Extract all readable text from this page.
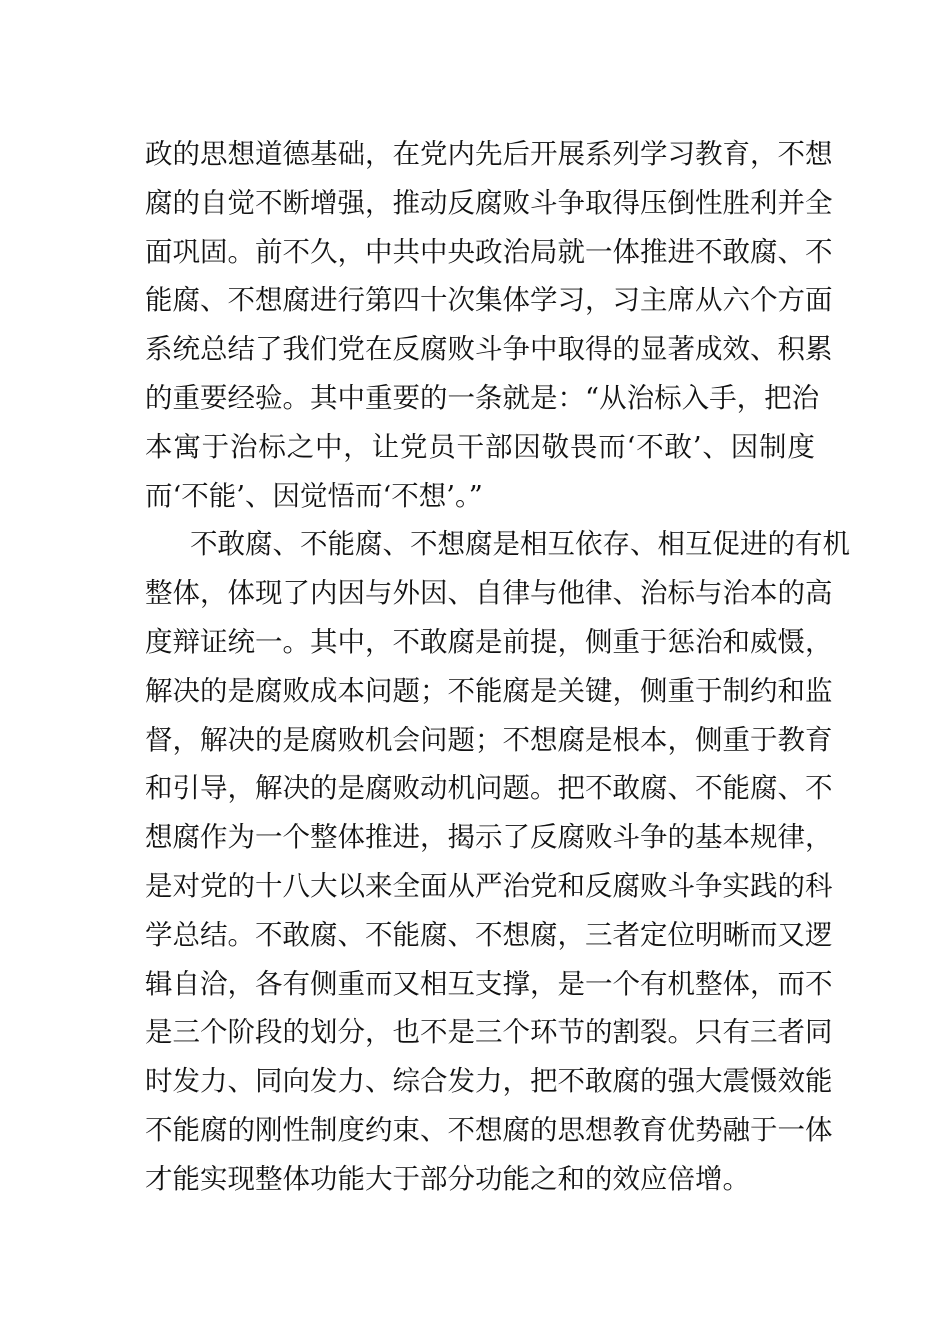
政 的 思 想 道 德 基 础 ， 在 党 内 先 后 开 展 系 列 学 习 教 育 ， 不 想
腐 的 自 觉 不 断 增 强 ， 推 动 反 腐 败 斗 争 取 得 压 倒 性 胜 利 并 全
面 巩 固 。 前 不 久 ， 中 共 中 央 政 治 局 就 一 体 推 进 不 敢 腐 、 不
能 腐 、 不 想 腐 进 行 第 四 十 次 集 体 学 习 ， 习 主 席 从 六 个 方 面
系 统 总 结 了 我 们 党 在 反 腐 败 斗 争 中 取 得 的 显 著 成 效 、 积 累
的 重 要 经 验 。 其 中 重 要 的 一 条 就 是 ： “ 从 治 标 入 手 ， 把 治
本 寓 于 治 标 之 中 ， 让 党 员 干 部 因 敬 畏 而 ‘ 不 敢 ’ 、 因 制 度
而‘不能’、因觉悟而‘不想’。”
不 敢 腐 、 不 能 腐 、 不 想 腐 是 相 互 依 存 、 相 互 促 进 的 有 机
整 体 ， 体 现 了 内 因 与 外 因 、 自 律 与 他 律 、 治 标 与 治 本 的 高
度 辩 证 统 一 。 其 中 ， 不 敢 腐 是 前 提 ， 侧 重 于 惩 治 和 威 慑 ，
解 决 的 是 腐 败 成 本 问 题 ； 不 能 腐 是 关 键 ， 侧 重 于 制 约 和 监
督 ， 解 决 的 是 腐 败 机 会 问 题 ； 不 想 腐 是 根 本 ， 侧 重 于 教 育
和 引 导 ， 解 决 的 是 腐 败 动 机 问 题 。 把 不 敢 腐 、 不 能 腐 、 不
想 腐 作 为 一 个 整 体 推 进 ， 揭 示 了 反 腐 败 斗 争 的 基 本 规 律 ，
是 对 党 的 十 八 大 以 来 全 面 从 严 治 党 和 反 腐 败 斗 争 实 践 的 科
学 总 结 。 不 敢 腐 、 不 能 腐 、 不 想 腐 ， 三 者 定 位 明 晰 而 又 逻
辑 自 洽 ， 各 有 侧 重 而 又 相 互 支 撑 ， 是 一 个 有 机 整 体 ， 而 不
是 三 个 阶 段 的 划 分 ， 也 不 是 三 个 环 节 的 割 裂 。 只 有 三 者 同
时 发 力 、 同 向 发 力 、 综 合 发 力 ， 把 不 敢 腐 的 强 大 震 慑 效 能
不 能 腐 的 刚 性 制 度 约 束 、 不 想 腐 的 思 想 教 育 优 势 融 于 一 体
才能实现整体功能大于部分功能之和的效应倍增。
